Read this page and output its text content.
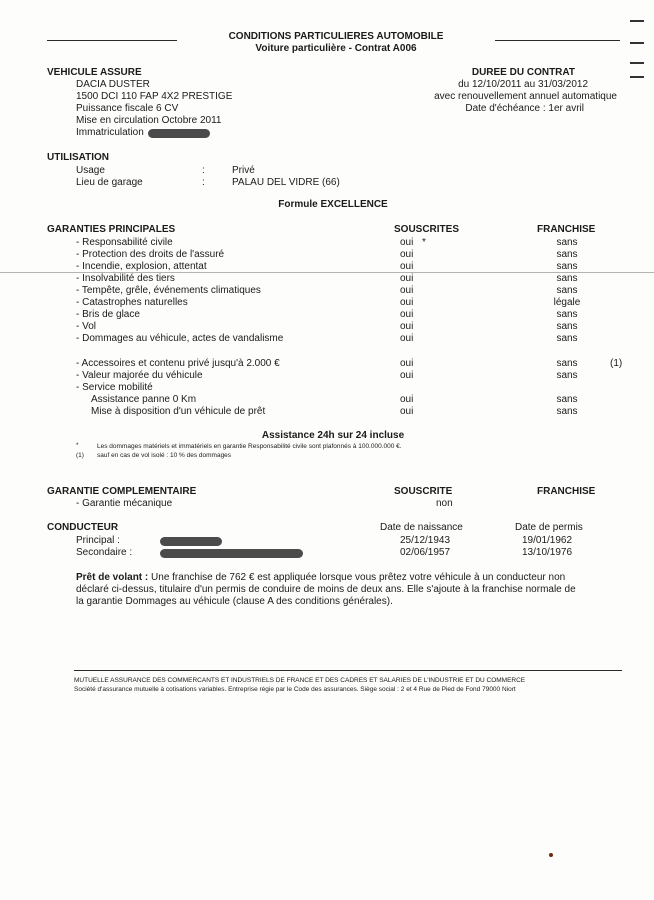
CONDITIONS PARTICULIERES AUTOMOBILE
Voiture particulière - Contrat A006
VEHICULE ASSURE
DACIA DUSTER
1500 DCI 110 FAP 4X2 PRESTIGE
Puissance fiscale 6 CV
Mise en circulation Octobre 2011
Immatriculation
DUREE DU CONTRAT
du 12/10/2011 au 31/03/2012
avec renouvellement annuel automatique
Date d'échéance : 1er avril
UTILISATION
Usage	:	Privé
Lieu de garage	:	PALAU DEL VIDRE (66)
Formule EXCELLENCE
GARANTIES PRINCIPALES	SOUSCRITES	FRANCHISE
- Responsabilité civile	oui *	sans
- Protection des droits de l'assuré	oui	sans
- Incendie, explosion, attentat	oui	sans
- Insolvabilité des tiers	oui	sans
- Tempête, grêle, événements climatiques	oui	sans
- Catastrophes naturelles	oui	légale
- Bris de glace	oui	sans
- Vol	oui	sans
- Dommages au véhicule, actes de vandalisme	oui	sans
- Accessoires et contenu privé jusqu'à 2.000 €	oui	sans	(1)
- Valeur majorée du véhicule	oui	sans
- Service mobilité
Assistance panne 0 Km	oui	sans
Mise à disposition d'un véhicule de prêt	oui	sans
Assistance 24h sur 24 incluse
*	Les dommages matériels et immatériels en garantie Responsabilité civile sont plafonnés à 100.000.000 €.
(1) sauf en cas de vol isolé : 10 % des dommages
GARANTIE COMPLEMENTAIRE	SOUSCRITE	FRANCHISE
- Garantie mécanique	non
CONDUCTEUR	Date de naissance	Date de permis
Principal :	25/12/1943	19/01/1962
Secondaire :	02/06/1957	13/10/1976
Prêt de volant : Une franchise de 762 € est appliquée lorsque vous prêtez votre véhicule à un conducteur non
déclaré ci-dessus, titulaire d'un permis de conduire de moins de deux ans. Elle s'ajoute à la franchise normale de
la garantie Dommages au véhicule (clause A des conditions générales).
MUTUELLE ASSURANCE DES COMMERCANTS ET INDUSTRIELS DE FRANCE ET DES CADRES ET SALARIES DE L'INDUSTRIE ET DU COMMERCE
Société d'assurance mutuelle à cotisations variables. Entreprise régie par le Code des assurances. Siège social : 2 et 4 Rue de Pied de Fond 79000 Niort
